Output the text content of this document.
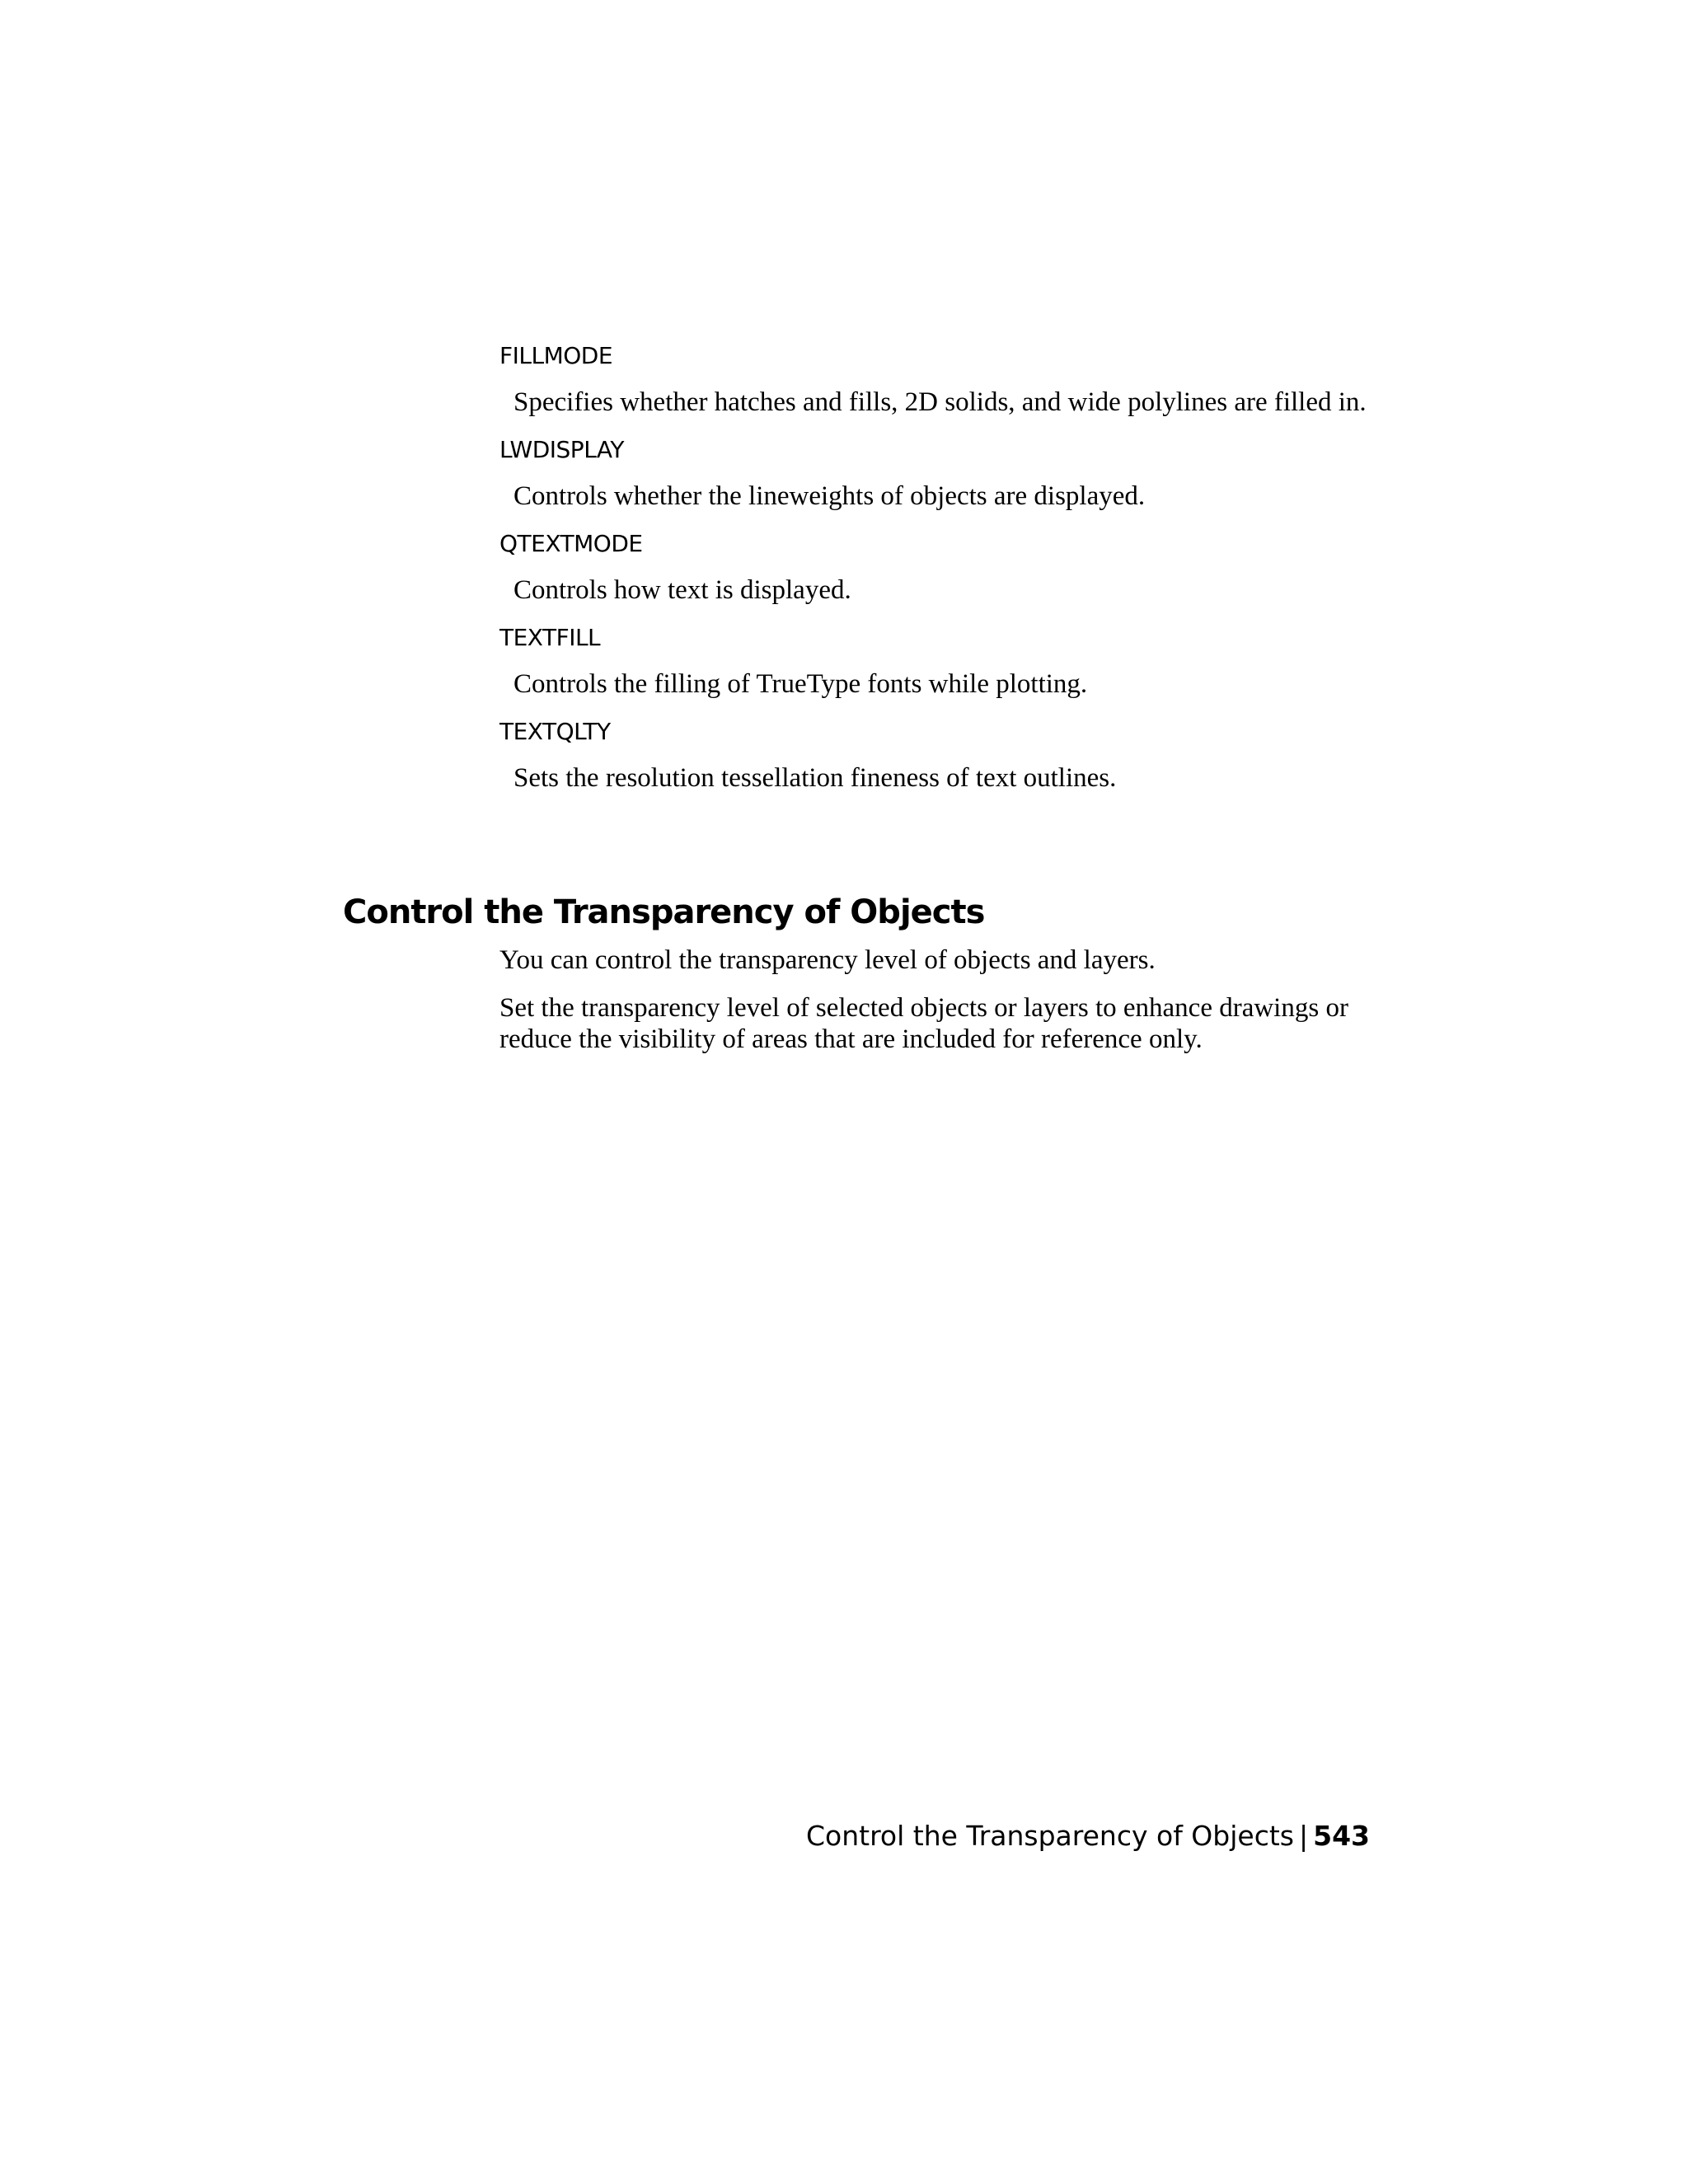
FILLMODE
Specifies whether hatches and fills, 2D solids, and wide polylines are filled in.
LWDISPLAY
Controls whether the lineweights of objects are displayed.
QTEXTMODE
Controls how text is displayed.
TEXTFILL
Controls the filling of TrueType fonts while plotting.
TEXTQLTY
Sets the resolution tessellation fineness of text outlines.
Control the Transparency of Objects

You can control the transparency level of objects and layers.

Set the transparency level of selected objects or layers to enhance drawings or reduce the visibility of areas that are included for reference only.

Control the Transparency of Objects | 543
